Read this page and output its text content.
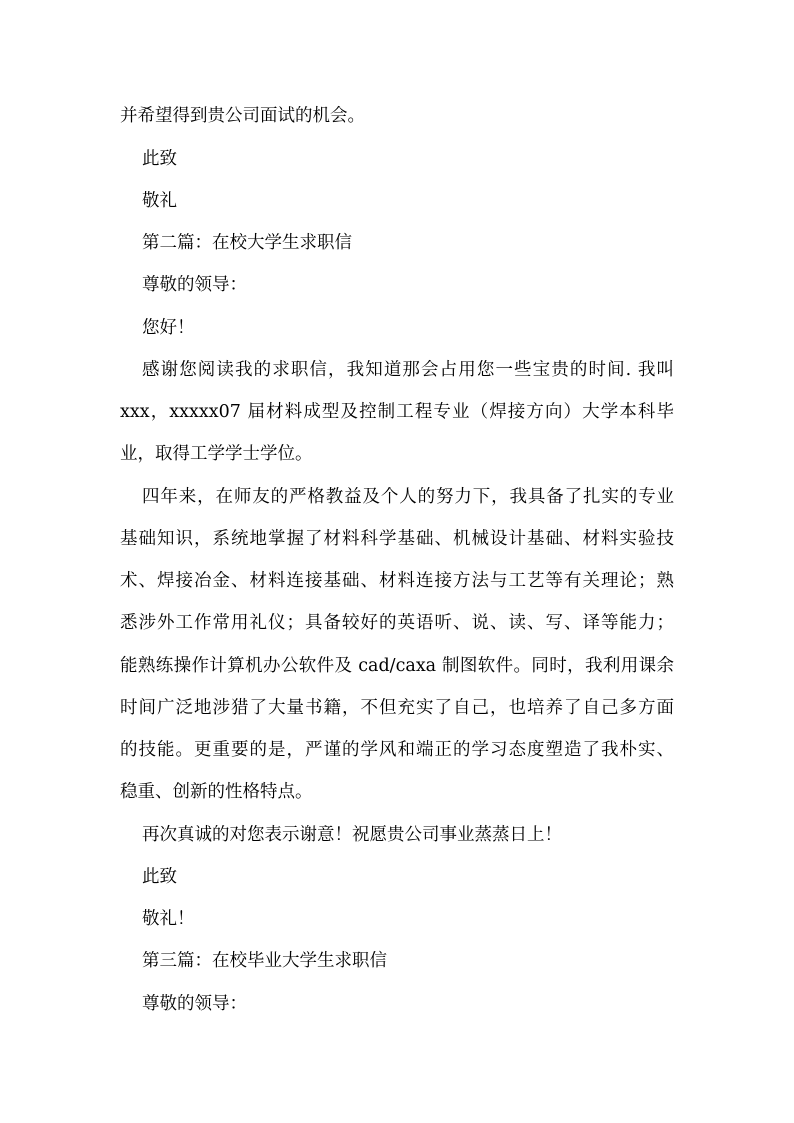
并希望得到贵公司面试的机会。
此致
敬礼
第二篇：在校大学生求职信
尊敬的领导：
您好！
感谢您阅读我的求职信，我知道那会占用您一些宝贵的时间. 我叫
xxx，xxxxx07 届材料成型及控制工程专业（焊接方向）大学本科毕
业，取得工学学士学位。
四年来，在师友的严格教益及个人的努力下，我具备了扎实的专业
基础知识，系统地掌握了材料科学基础、机械设计基础、材料实验技
术、焊接冶金、材料连接基础、材料连接方法与工艺等有关理论；熟
悉涉外工作常用礼仪；具备较好的英语听、说、读、写、译等能力；
能熟练操作计算机办公软件及 cad/caxa 制图软件。同时，我利用课余
时间广泛地涉猎了大量书籍，不但充实了自己，也培养了自己多方面
的技能。更重要的是，严谨的学风和端正的学习态度塑造了我朴实、
稳重、创新的性格特点。
再次真诚的对您表示谢意！祝愿贵公司事业蒸蒸日上！
此致
敬礼！
第三篇：在校毕业大学生求职信
尊敬的领导：
